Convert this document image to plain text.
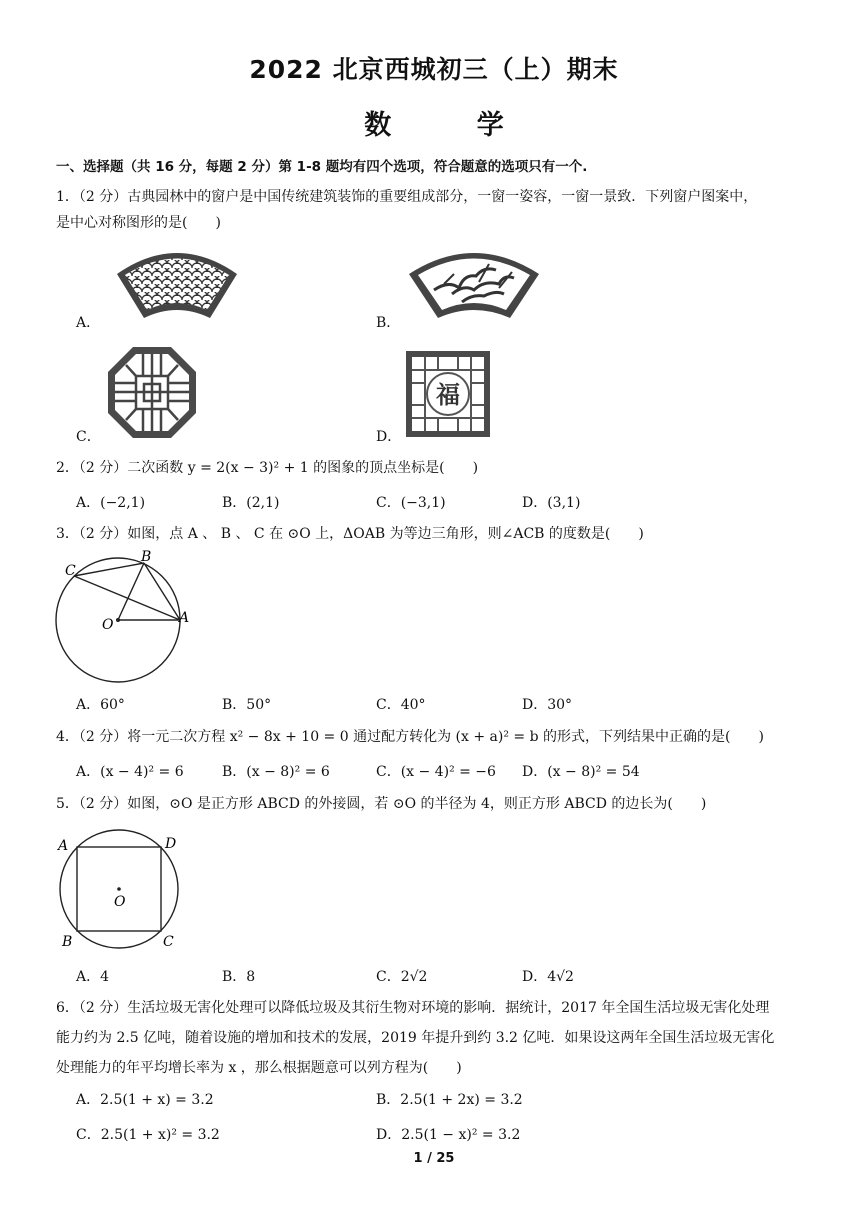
2022 北京西城初三（上）期末
数 学
一、选择题（共 16 分，每题 2 分）第 1-8 题均有四个选项，符合题意的选项只有一个.
1．（2 分）古典园林中的窗户是中国传统建筑装饰的重要组成部分，一窗一姿容，一窗一景致．下列窗户图案中，
是中心对称图形的是(　　)
A．	B．
C．
福
D．
2．（2 分）二次函数 y = 2(x − 3)² + 1 的图象的顶点坐标是(　　)
A．(−2,1)	B．(2,1)	C．(−3,1)	D．(3,1)
3．（2 分）如图，点 A 、 B 、 C 在 ⊙O 上，ΔOAB 为等边三角形，则∠ACB 的度数是(　　)
O	A
B
C
A．60°	B．50°	C．40°	D．30°
4．（2 分）将一元二次方程 x² − 8x + 10 = 0 通过配方转化为 (x + a)² = b 的形式，下列结果中正确的是(　　)
A．(x − 4)² = 6	B．(x − 8)² = 6	C．(x − 4)² = −6 D．(x − 8)² = 54
5．（2 分）如图，⊙O 是正方形 ABCD 的外接圆，若 ⊙O 的半径为 4，则正方形 ABCD 的边长为(　　)
O
A	D
B	C
A．4	B．8	C．2√2	D．4√2
6．（2 分）生活垃圾无害化处理可以降低垃圾及其衍生物对环境的影响．据统计，2017 年全国生活垃圾无害化处理
能力约为 2.5 亿吨，随着设施的增加和技术的发展，2019 年提升到约 3.2 亿吨．如果设这两年全国生活垃圾无害化
处理能力的年平均增长率为 x ，那么根据题意可以列方程为(　　)
A．2.5(1 + x) = 3.2	B．2.5(1 + 2x) = 3.2
C．2.5(1 + x)² = 3.2	D．2.5(1 − x)² = 3.2
1 / 25
